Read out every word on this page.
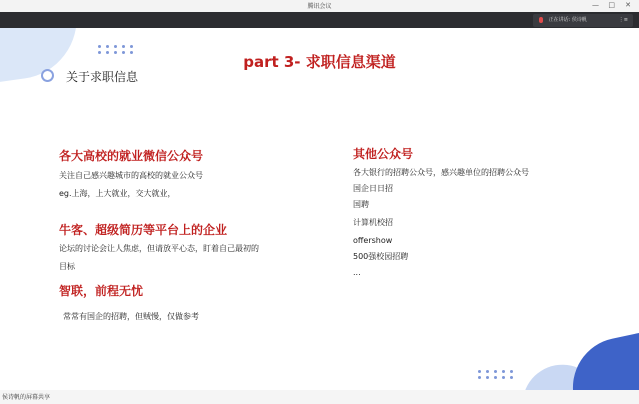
腾讯会议	— □ ✕
正在讲话: 侯诗帆	⋮≡
关于求职信息
part 3- 求职信息渠道
各大高校的就业微信公众号
关注自己感兴趣城市的高校的就业公众号
eg.上海，上大就业，交大就业，
牛客、超级简历等平台上的企业
论坛的讨论会让人焦虑，但请放平心态，盯着自己最初的
目标
智联，前程无忧
常常有国企的招聘，但贼慢，仅做参考
其他公众号
各大银行的招聘公众号，感兴趣单位的招聘公众号
国企日日招
国聘
计算机校招
offershow
500强校园招聘
...
侯诗帆的屏幕共享
